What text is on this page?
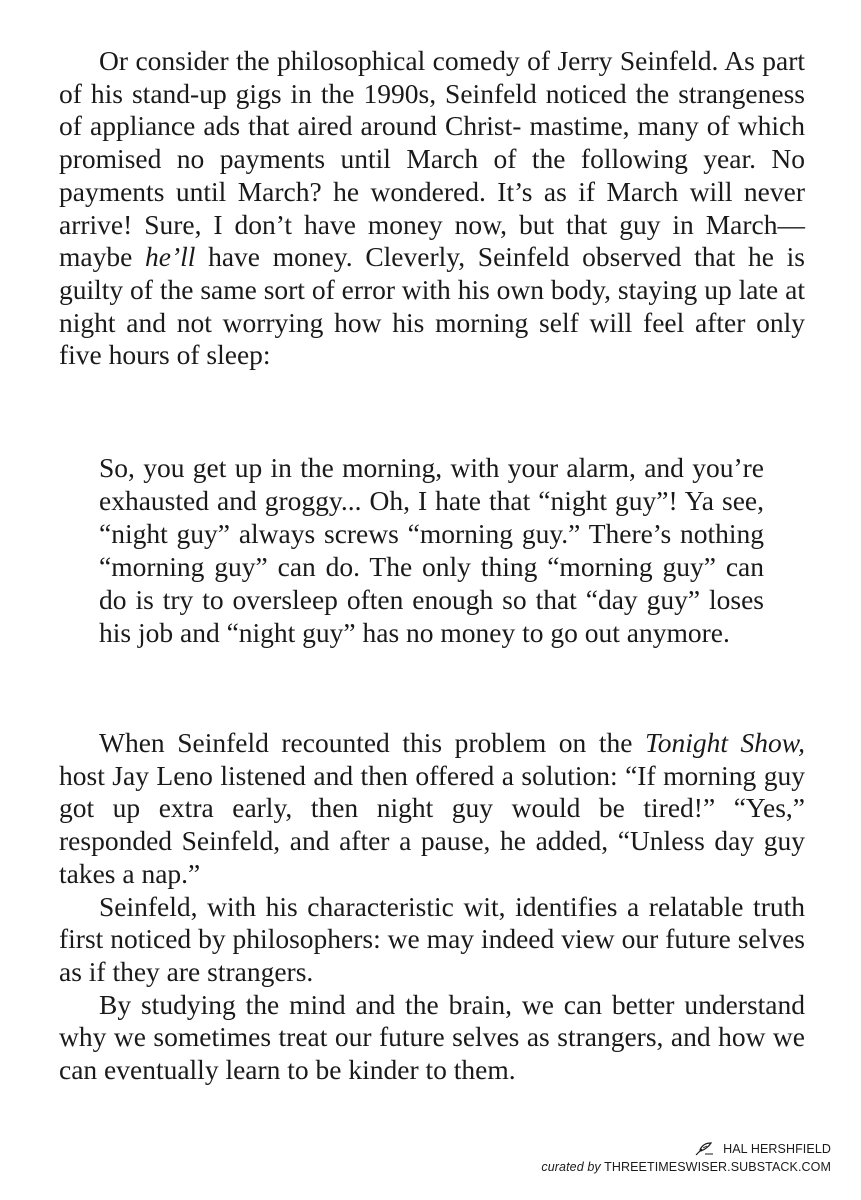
Or consider the philosophical comedy of Jerry Seinfeld. As part of his stand-up gigs in the 1990s, Seinfeld noticed the strangeness of appliance ads that aired around Christ- mastime, many of which promised no payments until March of the following year. No payments until March? he wondered. It’s as if March will never arrive! Sure, I don’t have money now, but that guy in March—maybe he’ll have money. Cleverly, Seinfeld observed that he is guilty of the same sort of error with his own body, staying up late at night and not worrying how his morning self will feel after only five hours of sleep:

So, you get up in the morning, with your alarm, and you’re exhausted and groggy... Oh, I hate that “night guy”! Ya see, “night guy” always screws “morning guy.” There’s nothing “morning guy” can do. The only thing “morning guy” can do is try to oversleep often enough so that “day guy” loses his job and “night guy” has no money to go out anymore.

When Seinfeld recounted this problem on the Tonight Show, host Jay Leno listened and then offered a solution: “If morning guy got up extra early, then night guy would be tired!” “Yes,” responded Seinfeld, and after a pause, he added, “Unless day guy takes a nap.”

Seinfeld, with his characteristic wit, identifies a relatable truth first noticed by philosophers: we may indeed view our future selves as if they are strangers.

By studying the mind and the brain, we can better understand why we sometimes treat our future selves as strangers, and how we can eventually learn to be kinder to them.

HAL HERSHFIELD
curated by THREETIMESWISER.SUBSTACK.COM
